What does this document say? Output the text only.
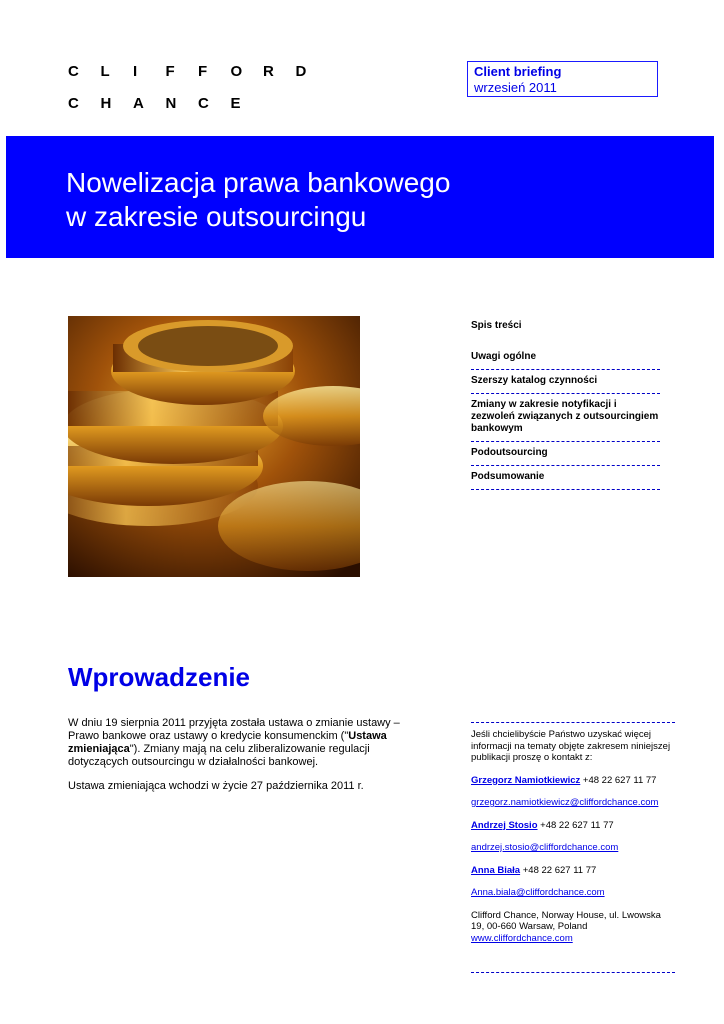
C L I F F O R D
C H A N C E
Client briefing
wrzesień 2011
Nowelizacja prawa bankowego
w zakresie outsourcingu
Spis treści
Uwagi ogólne
Szerszy katalog czynności
Zmiany w zakresie notyfikacji i zezwoleń związanych z outsourcingiem bankowym
Podoutsourcing
Podsumowanie
Wprowadzenie

W dniu 19 sierpnia 2011 przyjęta została ustawa o zmianie ustawy – Prawo bankowe oraz ustawy o kredycie konsumenckim ("Ustawa zmieniająca"). Zmiany mają na celu zliberalizowanie regulacji dotyczących outsourcingu w działalności bankowej.

Ustawa zmieniająca wchodzi w życie 27 października 2011 r.

Jeśli chcielibyście Państwo uzyskać więcej informacji na tematy objęte zakresem niniejszej publikacji proszę o kontakt z:

Grzegorz Namiotkiewicz +48 22 627 11 77

grzegorz.namiotkiewicz@cliffordchance.com

Andrzej Stosio +48 22 627 11 77

andrzej.stosio@cliffordchance.com

Anna Biała +48 22 627 11 77

Anna.biala@cliffordchance.com

Clifford Chance, Norway House, ul. Lwowska 19, 00-660 Warsaw, Poland
www.cliffordchance.com
